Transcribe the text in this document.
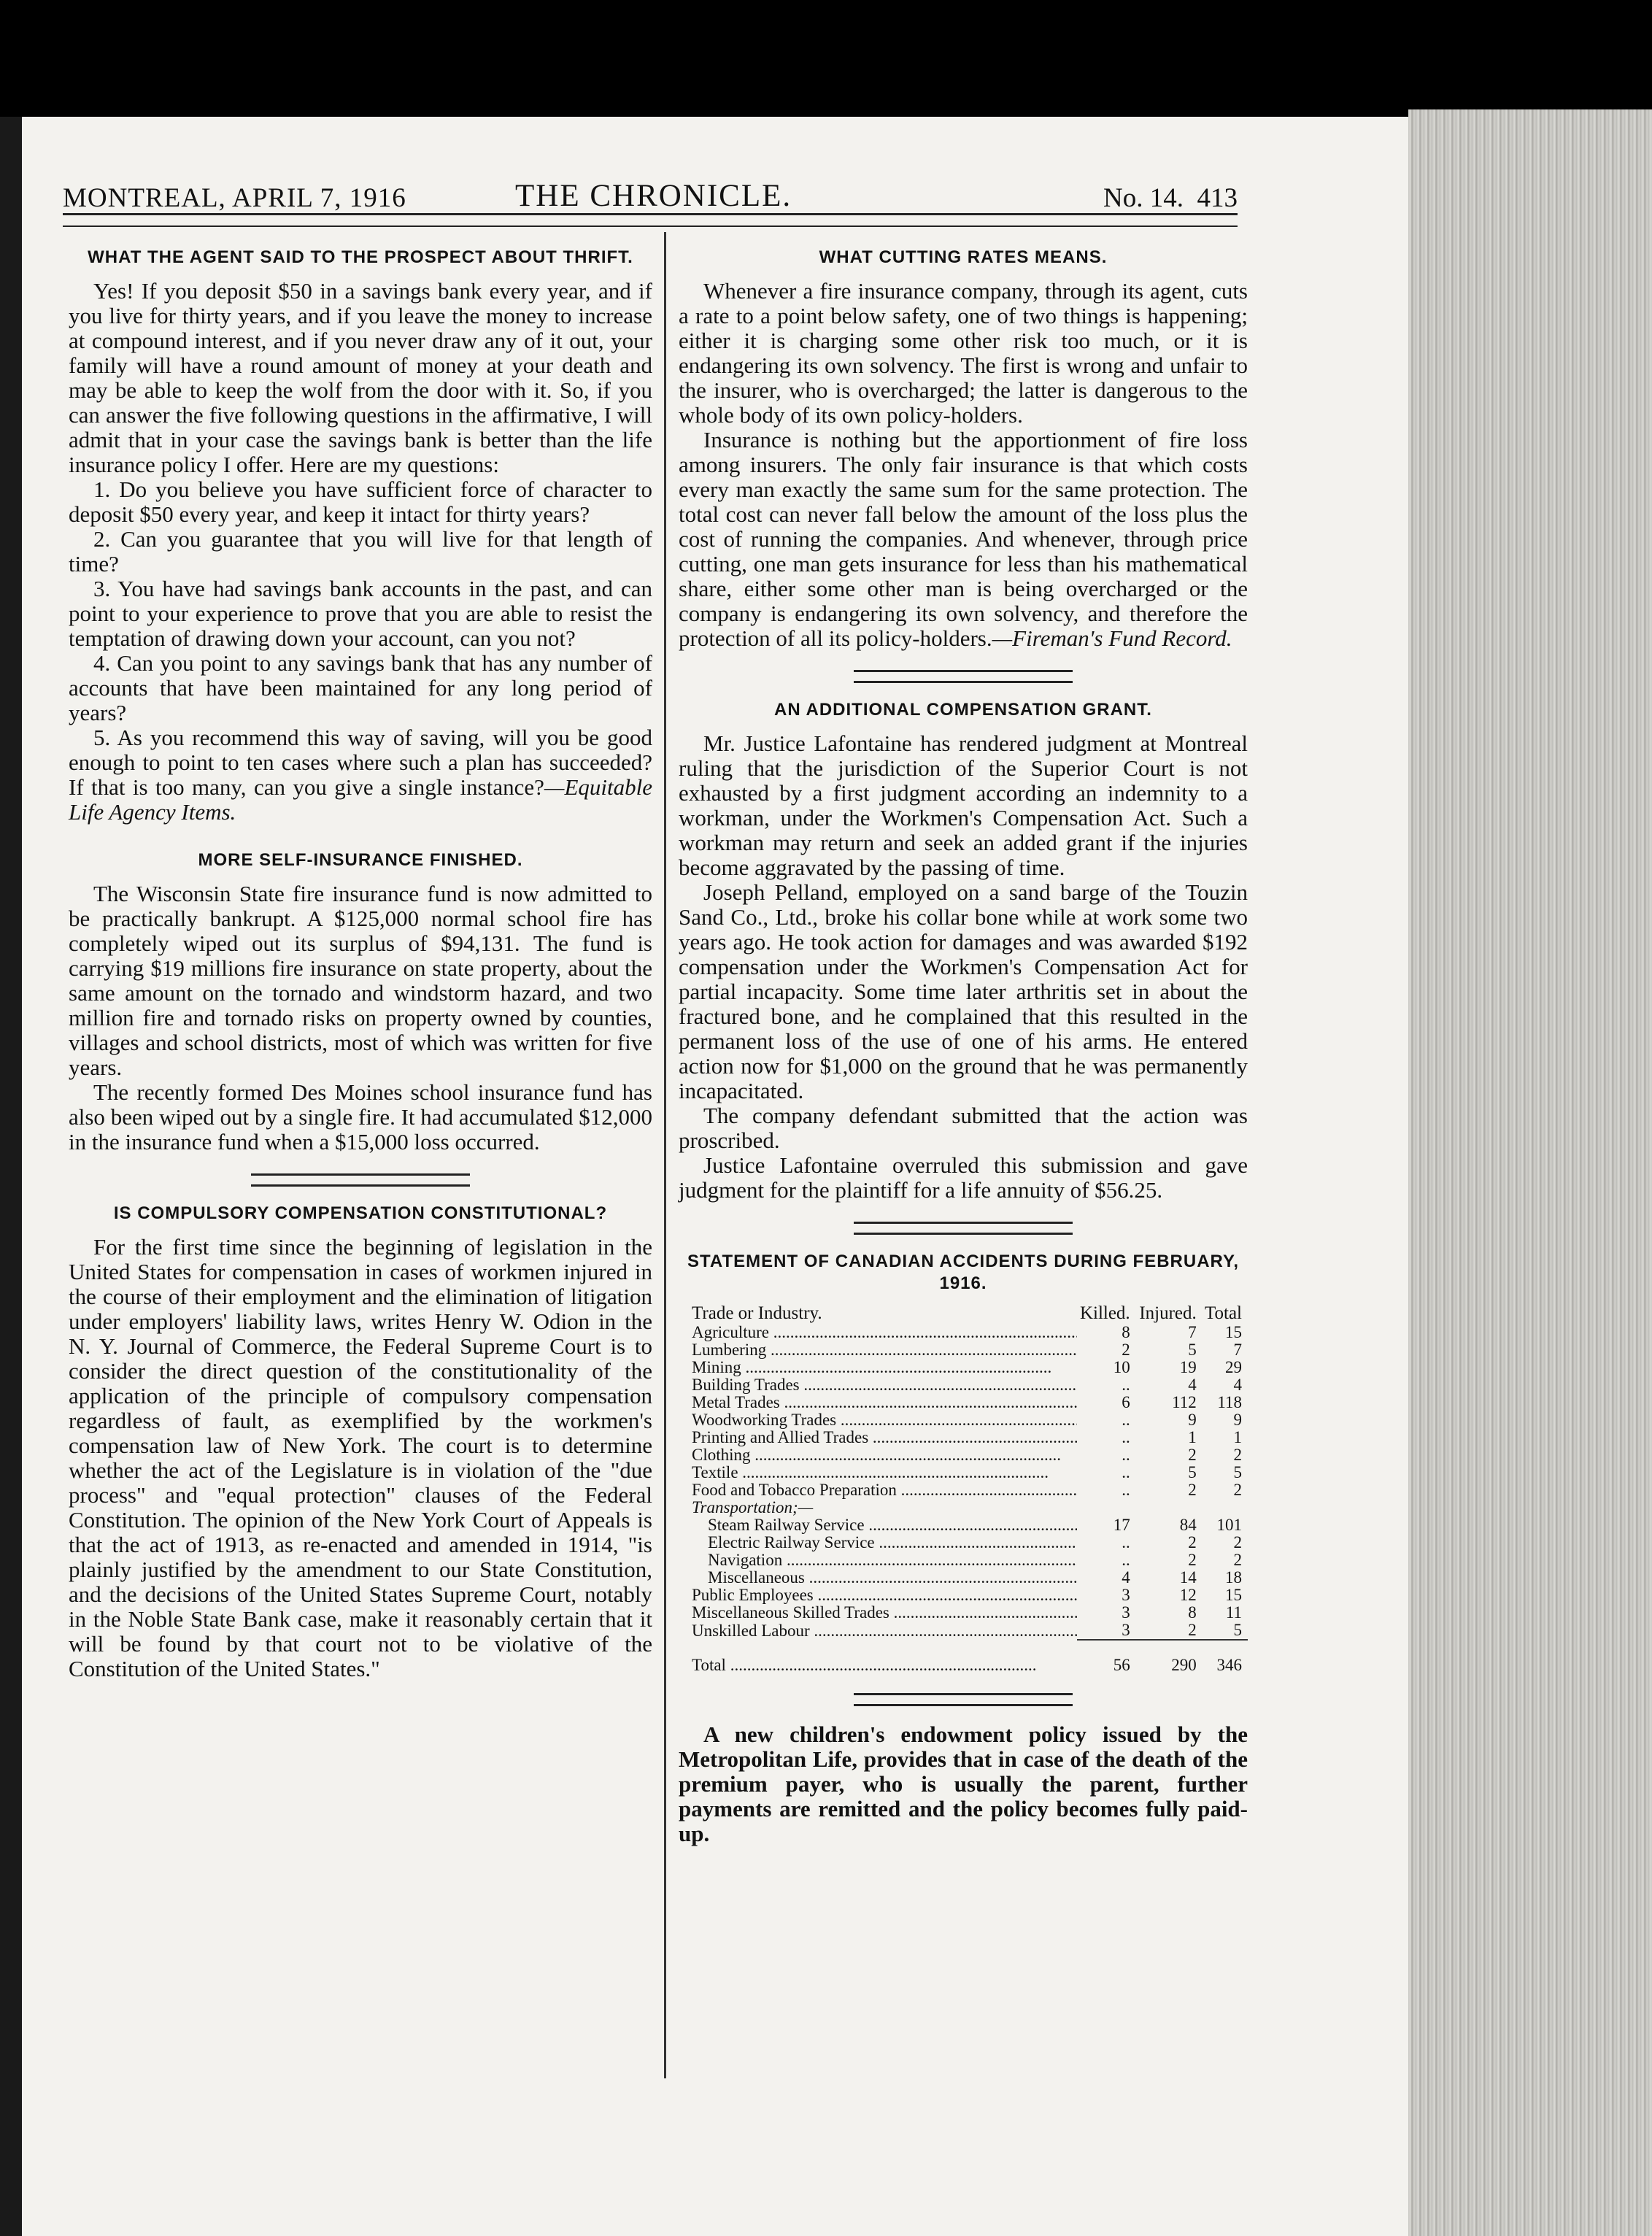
MONTREAL, APRIL 7, 1916	THE CHRONICLE.	No. 14. 413
WHAT THE AGENT SAID TO THE PROSPECT ABOUT THRIFT.

Yes! If you deposit $50 in a savings bank every year, and if you live for thirty years, and if you leave the money to increase at compound interest, and if you never draw any of it out, your family will have a round amount of money at your death and may be able to keep the wolf from the door with it. So, if you can answer the five following questions in the affirmative, I will admit that in your case the savings bank is better than the life insurance policy I offer. Here are my questions:

1. Do you believe you have sufficient force of character to deposit $50 every year, and keep it intact for thirty years?

2. Can you guarantee that you will live for that length of time?

3. You have had savings bank accounts in the past, and can point to your experience to prove that you are able to resist the temptation of drawing down your account, can you not?

4. Can you point to any savings bank that has any number of accounts that have been maintained for any long period of years?

5. As you recommend this way of saving, will you be good enough to point to ten cases where such a plan has succeeded? If that is too many, can you give a single instance?—Equitable Life Agency Items.

MORE SELF-INSURANCE FINISHED.

The Wisconsin State fire insurance fund is now admitted to be practically bankrupt. A $125,000 normal school fire has completely wiped out its surplus of $94,131. The fund is carrying $19 millions fire insurance on state property, about the same amount on the tornado and windstorm hazard, and two million fire and tornado risks on property owned by counties, villages and school districts, most of which was written for five years.

The recently formed Des Moines school insurance fund has also been wiped out by a single fire. It had accumulated $12,000 in the insurance fund when a $15,000 loss occurred.

IS COMPULSORY COMPENSATION CONSTITUTIONAL?

For the first time since the beginning of legislation in the United States for compensation in cases of workmen injured in the course of their employment and the elimination of litigation under employers' liability laws, writes Henry W. Odion in the N. Y. Journal of Commerce, the Federal Supreme Court is to consider the direct question of the constitutionality of the application of the principle of compulsory compensation regardless of fault, as exemplified by the workmen's compensation law of New York. The court is to determine whether the act of the Legislature is in violation of the "due process" and "equal protection" clauses of the Federal Constitution. The opinion of the New York Court of Appeals is that the act of 1913, as re-enacted and amended in 1914, "is plainly justified by the amendment to our State Constitution, and the decisions of the United States Supreme Court, notably in the Noble State Bank case, make it reasonably certain that it will be found by that court not to be violative of the Constitution of the United States."

WHAT CUTTING RATES MEANS.

Whenever a fire insurance company, through its agent, cuts a rate to a point below safety, one of two things is happening; either it is charging some other risk too much, or it is endangering its own solvency. The first is wrong and unfair to the insurer, who is overcharged; the latter is dangerous to the whole body of its own policy-holders.

Insurance is nothing but the apportionment of fire loss among insurers. The only fair insurance is that which costs every man exactly the same sum for the same protection. The total cost can never fall below the amount of the loss plus the cost of running the companies. And whenever, through price cutting, one man gets insurance for less than his mathematical share, either some other man is being overcharged or the company is endangering its own solvency, and therefore the protection of all its policy-holders.—Fireman's Fund Record.

AN ADDITIONAL COMPENSATION GRANT.

Mr. Justice Lafontaine has rendered judgment at Montreal ruling that the jurisdiction of the Superior Court is not exhausted by a first judgment according an indemnity to a workman, under the Workmen's Compensation Act. Such a workman may return and seek an added grant if the injuries become aggravated by the passing of time.

Joseph Pelland, employed on a sand barge of the Touzin Sand Co., Ltd., broke his collar bone while at work some two years ago. He took action for damages and was awarded $192 compensation under the Workmen's Compensation Act for partial incapacity. Some time later arthritis set in about the fractured bone, and he complained that this resulted in the permanent loss of the use of one of his arms. He entered action now for $1,000 on the ground that he was permanently incapacitated.

The company defendant submitted that the action was proscribed.

Justice Lafontaine overruled this submission and gave judgment for the plaintiff for a life annuity of $56.25.

STATEMENT OF CANADIAN ACCIDENTS DURING FEBRUARY, 1916.
Trade or Industry.	Killed.	Injured.	Total
Agriculture .....	8	7	15
Lumbering .....	2	5	7
Mining .....	10	19	29
Building Trades .....	..	4	4
Metal Trades .....	6	112	118
Woodworking Trades .....	..	9	9
Printing and Allied Trades .....	..	1	1
Clothing .....	..	2	2
Textile .....	..	5	5
Food and Tobacco Preparation .....	..	2	2
Transportation;—			
Steam Railway Service .....	17	84	101
Electric Railway Service .....	..	2	2
Navigation .....	..	2	2
Miscellaneous .....	4	14	18
Public Employees .....	3	12	15
Miscellaneous Skilled Trades .....	3	8	11
Unskilled Labour .....	3	2	5
Total .....	56	290	346

A new children's endowment policy issued by the Metropolitan Life, provides that in case of the death of the premium payer, who is usually the parent, further payments are remitted and the policy becomes fully paid-up.
